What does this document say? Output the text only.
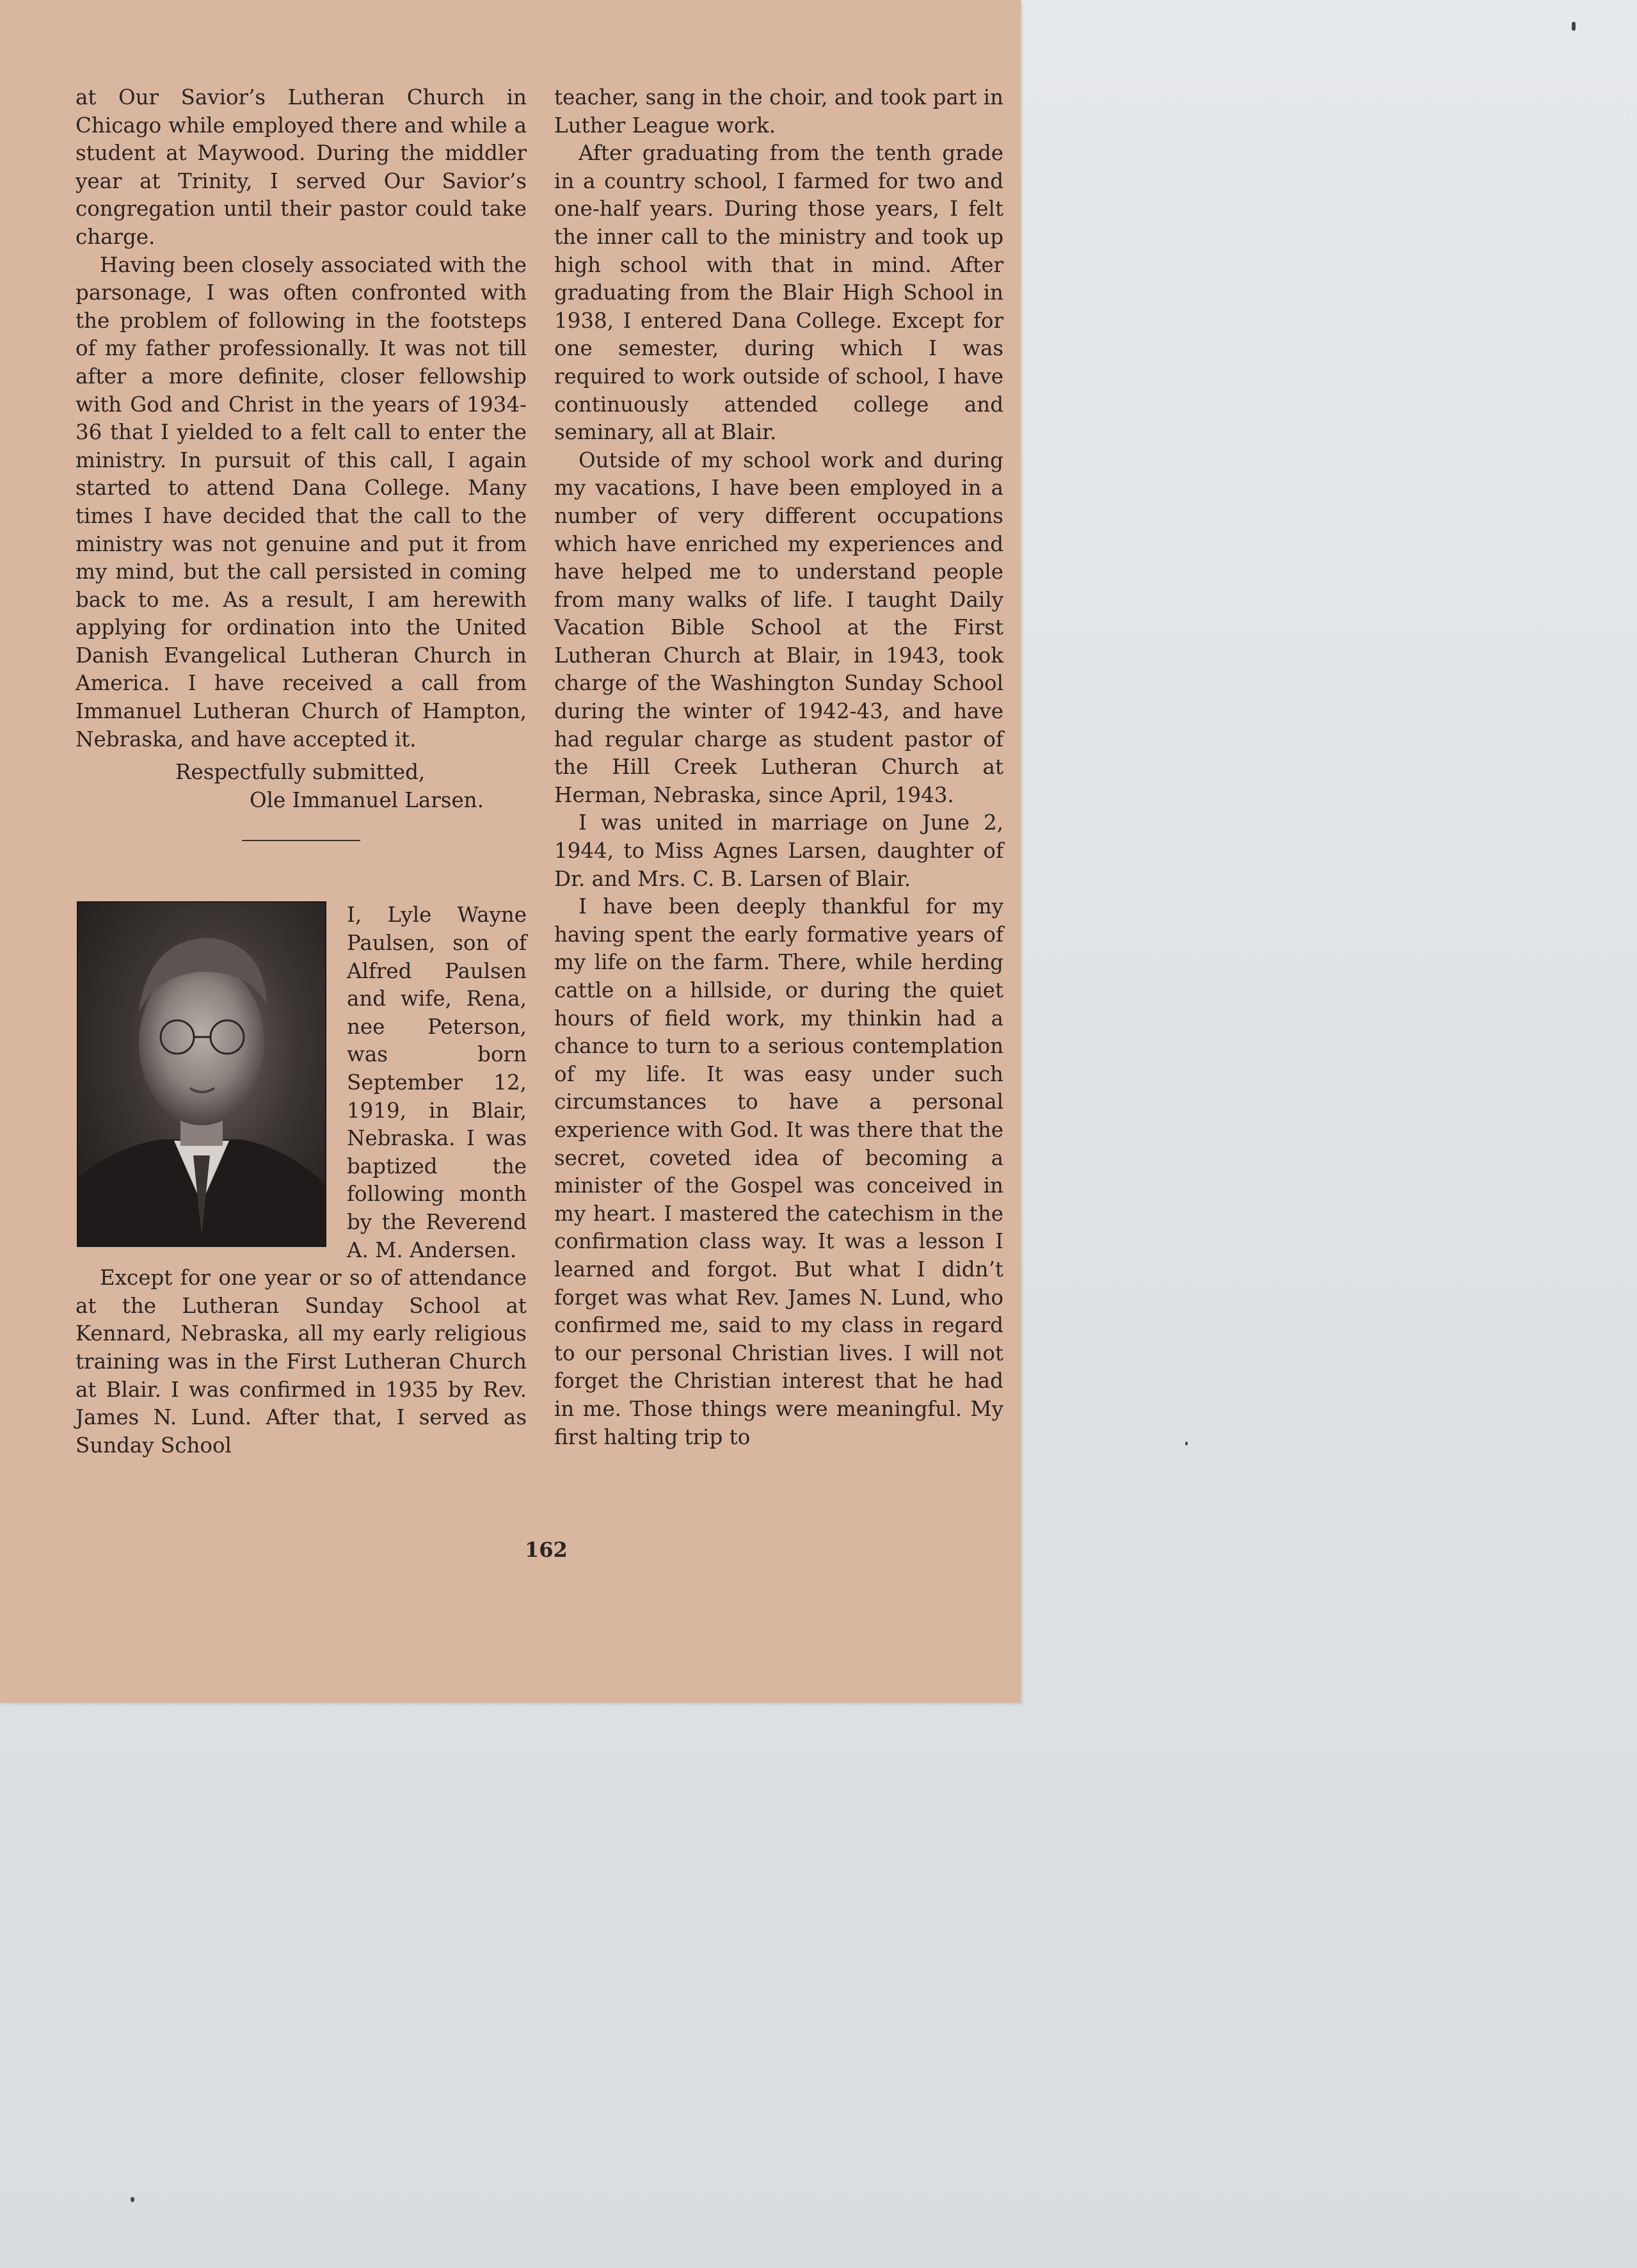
at Our Savior’s Lutheran Church in Chicago while employed there and while a student at Maywood. During the middler year at Trinity, I served Our Savior’s congregation until their pastor could take charge.

Having been closely associated with the parsonage, I was often confronted with the problem of following in the footsteps of my father professionally. It was not till after a more definite, closer fellowship with God and Christ in the years of 1934-36 that I yielded to a felt call to enter the ministry. In pursuit of this call, I again started to attend Dana College. Many times I have decided that the call to the ministry was not genuine and put it from my mind, but the call persisted in coming back to me. As a result, I am herewith applying for ordination into the United Danish Evangelical Lutheran Church in America. I have received a call from Immanuel Lutheran Church of Hampton, Nebraska, and have accepted it.

Respectfully submitted,
Ole Immanuel Larsen.

I, Lyle Wayne Paulsen, son of Alfred Paulsen and wife, Rena, nee Peterson, was born September 12, 1919, in Blair, Nebraska. I was baptized the following month by the Reverend A. M. Andersen.

Except for one year or so of attendance at the Lutheran Sunday School at Kennard, Nebraska, all my early religious training was in the First Lutheran Church at Blair. I was confirmed in 1935 by Rev. James N. Lund. After that, I served as Sunday School

teacher, sang in the choir, and took part in Luther League work.

After graduating from the tenth grade in a country school, I farmed for two and one-half years. During those years, I felt the inner call to the ministry and took up high school with that in mind. After graduating from the Blair High School in 1938, I entered Dana College. Except for one semester, during which I was required to work outside of school, I have continuously attended college and seminary, all at Blair.

Outside of my school work and during my vacations, I have been employed in a number of very different occupations which have enriched my experiences and have helped me to understand people from many walks of life. I taught Daily Vacation Bible School at the First Lutheran Church at Blair, in 1943, took charge of the Washington Sunday School during the winter of 1942-43, and have had regular charge as student pastor of the Hill Creek Lutheran Church at Herman, Nebraska, since April, 1943.

I was united in marriage on June 2, 1944, to Miss Agnes Larsen, daughter of Dr. and Mrs. C. B. Larsen of Blair.

I have been deeply thankful for my having spent the early formative years of my life on the farm. There, while herding cattle on a hillside, or during the quiet hours of field work, my thinkin had a chance to turn to a serious contemplation of my life. It was easy under such circumstances to have a personal experience with God. It was there that the secret, coveted idea of becoming a minister of the Gospel was conceived in my heart. I mastered the catechism in the confirmation class way. It was a lesson I learned and forgot. But what I didn’t forget was what Rev. James N. Lund, who confirmed me, said to my class in regard to our personal Christian lives. I will not forget the Christian interest that he had in me. Those things were meaningful. My first halting trip to

162
